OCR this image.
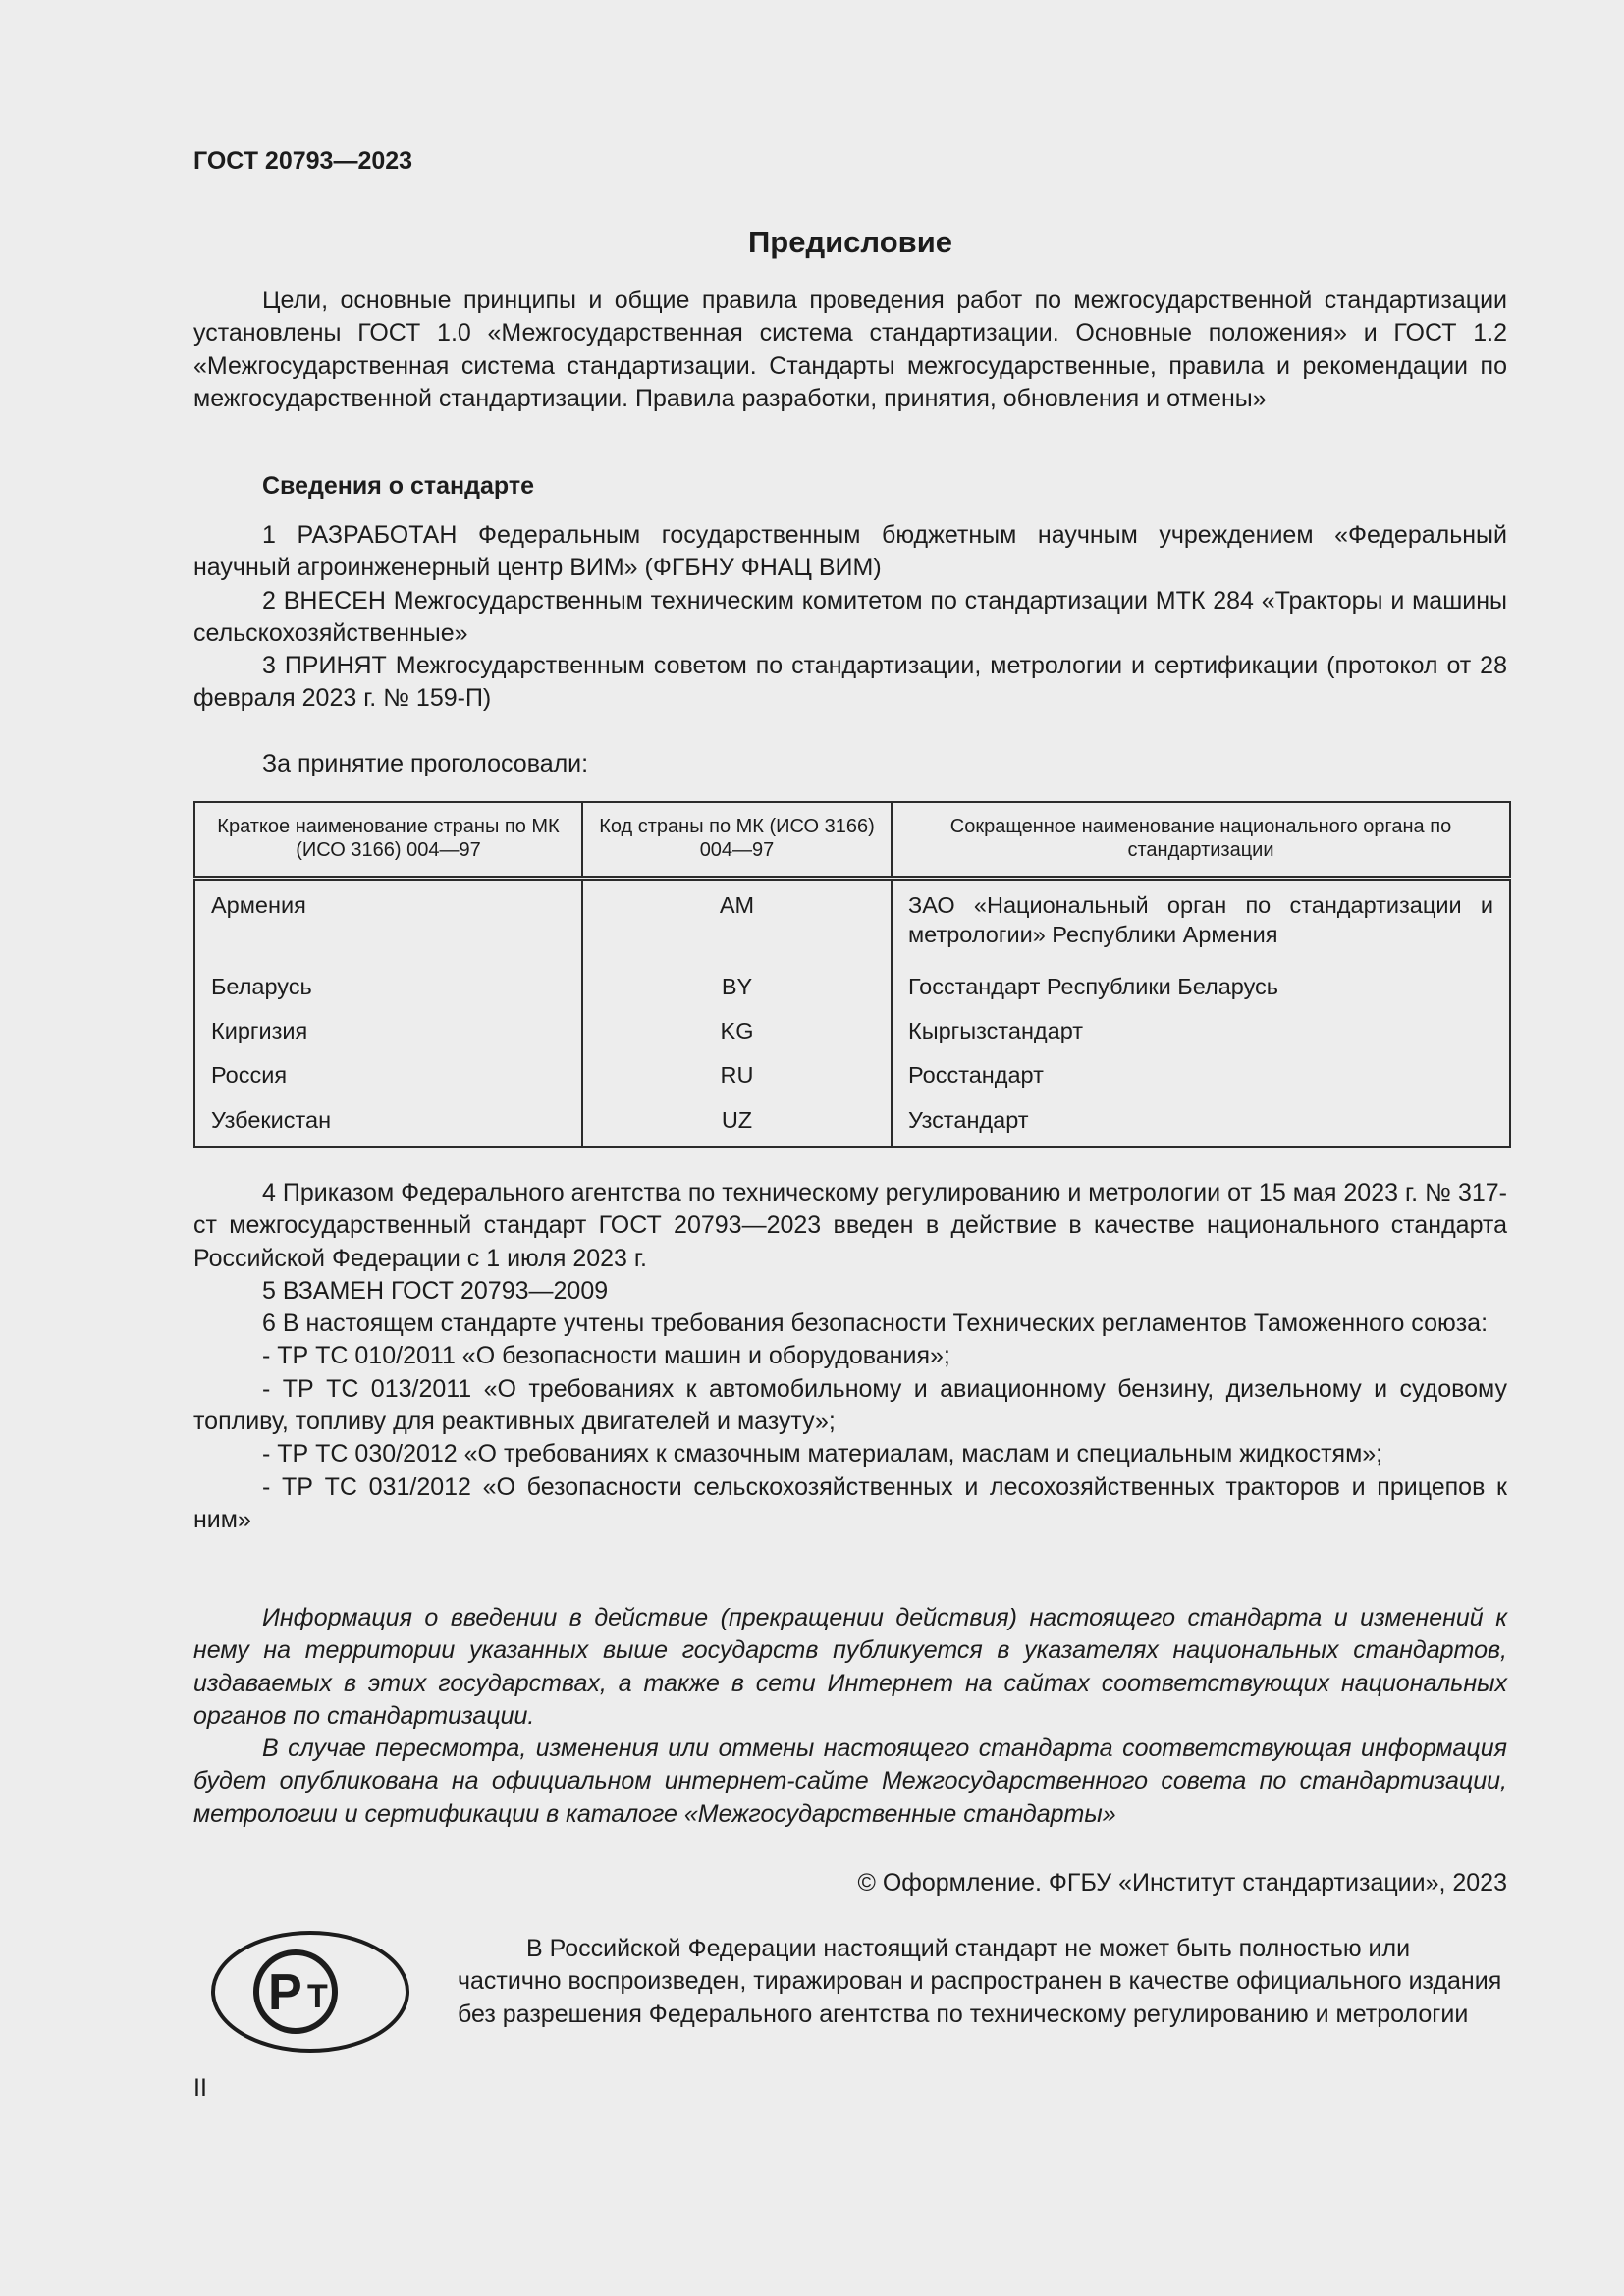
ГОСТ 20793—2023
Предисловие

Цели, основные принципы и общие правила проведения работ по межгосударственной стандартизации установлены ГОСТ 1.0 «Межгосударственная система стандартизации. Основные положения» и ГОСТ 1.2 «Межгосударственная система стандартизации. Стандарты межгосударственные, правила и рекомендации по межгосударственной стандартизации. Правила разработки, принятия, обновления и отмены»

Сведения о стандарте

1 РАЗРАБОТАН Федеральным государственным бюджетным научным учреждением «Федеральный научный агроинженерный центр ВИМ» (ФГБНУ ФНАЦ ВИМ)

2 ВНЕСЕН Межгосударственным техническим комитетом по стандартизации МТК 284 «Тракторы и машины сельскохозяйственные»

3 ПРИНЯТ Межгосударственным советом по стандартизации, метрологии и сертификации (протокол от 28 февраля 2023 г. № 159-П)

За принятие проголосовали:
Краткое наименование страны по МК (ИСО 3166) 004—97	Код страны по МК (ИСО 3166) 004—97	Сокращенное наименование национального органа по стандартизации
Армения	AM	ЗАО «Национальный орган по стандартизации и метрологии» Республики Армения
Беларусь	BY	Госстандарт Республики Беларусь
Киргизия	KG	Кыргызстандарт
Россия	RU	Росстандарт
Узбекистан	UZ	Узстандарт

4 Приказом Федерального агентства по техническому регулированию и метрологии от 15 мая 2023 г. № 317-ст межгосударственный стандарт ГОСТ 20793—2023 введен в действие в качестве национального стандарта Российской Федерации с 1 июля 2023 г.

5 ВЗАМЕН ГОСТ 20793—2009

6 В настоящем стандарте учтены требования безопасности Технических регламентов Таможенного союза:

- ТР ТС 010/2011 «О безопасности машин и оборудования»;

- ТР ТС 013/2011 «О требованиях к автомобильному и авиационному бензину, дизельному и судовому топливу, топливу для реактивных двигателей и мазуту»;

- ТР ТС 030/2012 «О требованиях к смазочным материалам, маслам и специальным жидкостям»;

- ТР ТС 031/2012 «О безопасности сельскохозяйственных и лесохозяйственных тракторов и прицепов к ним»

Информация о введении в действие (прекращении действия) настоящего стандарта и изменений к нему на территории указанных выше государств публикуется в указателях национальных стандартов, издаваемых в этих государствах, а также в сети Интернет на сайтах соответствующих национальных органов по стандартизации.

В случае пересмотра, изменения или отмены настоящего стандарта соответствующая информация будет опубликована на официальном интернет-сайте Межгосударственного совета по стандартизации, метрологии и сертификации в каталоге «Межгосударственные стандарты»

© Оформление. ФГБУ «Институт стандартизации», 2023
Р Т

В Российской Федерации настоящий стандарт не может быть полностью или частично воспроизведен, тиражирован и распространен в качестве официального издания без разрешения Федерального агентства по техническому регулированию и метрологии

II
